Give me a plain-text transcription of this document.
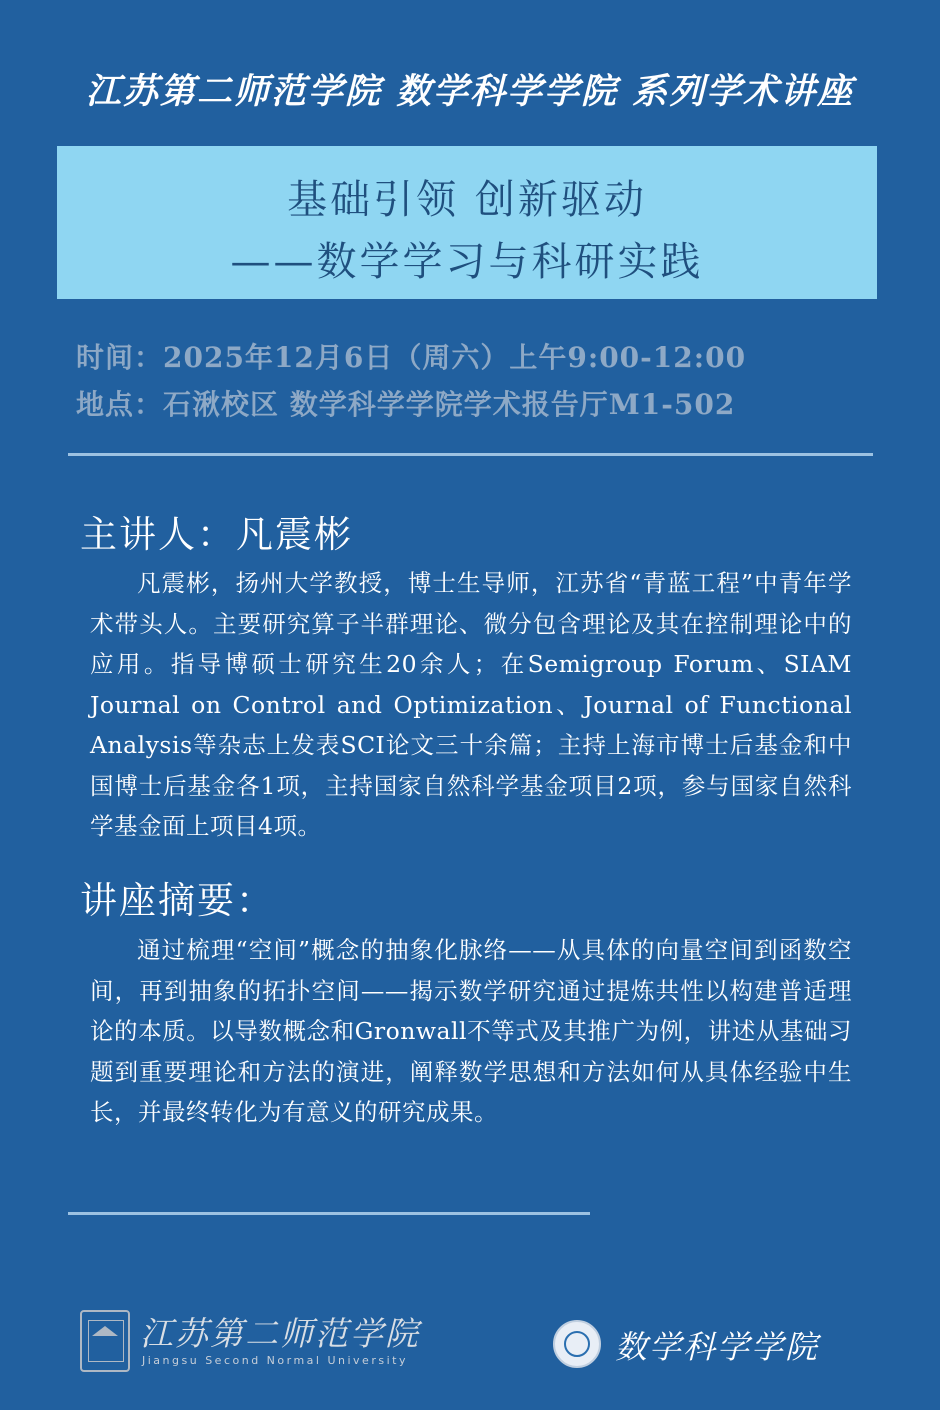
江苏第二师范学院 数学科学学院 系列学术讲座
基础引领 创新驱动
——数学学习与科研实践
时间：2025年12月6日（周六）上午9:00-12:00
地点：石湫校区 数学科学学院学术报告厅M1-502
主讲人：凡震彬
凡震彬，扬州大学教授，博士生导师，江苏省“青蓝工程”中青年学术带头人。主要研究算子半群理论、微分包含理论及其在控制理论中的应用。指导博硕士研究生20余人；在Semigroup Forum、SIAM Journal on Control and Optimization、Journal of Functional Analysis等杂志上发表SCI论文三十余篇；主持上海市博士后基金和中国博士后基金各1项，主持国家自然科学基金项目2项，参与国家自然科学基金面上项目4项。
讲座摘要：
通过梳理“空间”概念的抽象化脉络——从具体的向量空间到函数空间，再到抽象的拓扑空间——揭示数学研究通过提炼共性以构建普适理论的本质。以导数概念和Gronwall不等式及其推广为例，讲述从基础习题到重要理论和方法的演进，阐释数学思想和方法如何从具体经验中生长，并最终转化为有意义的研究成果。
江苏第二师范学院
Jiangsu Second Normal University	数学科学学院
